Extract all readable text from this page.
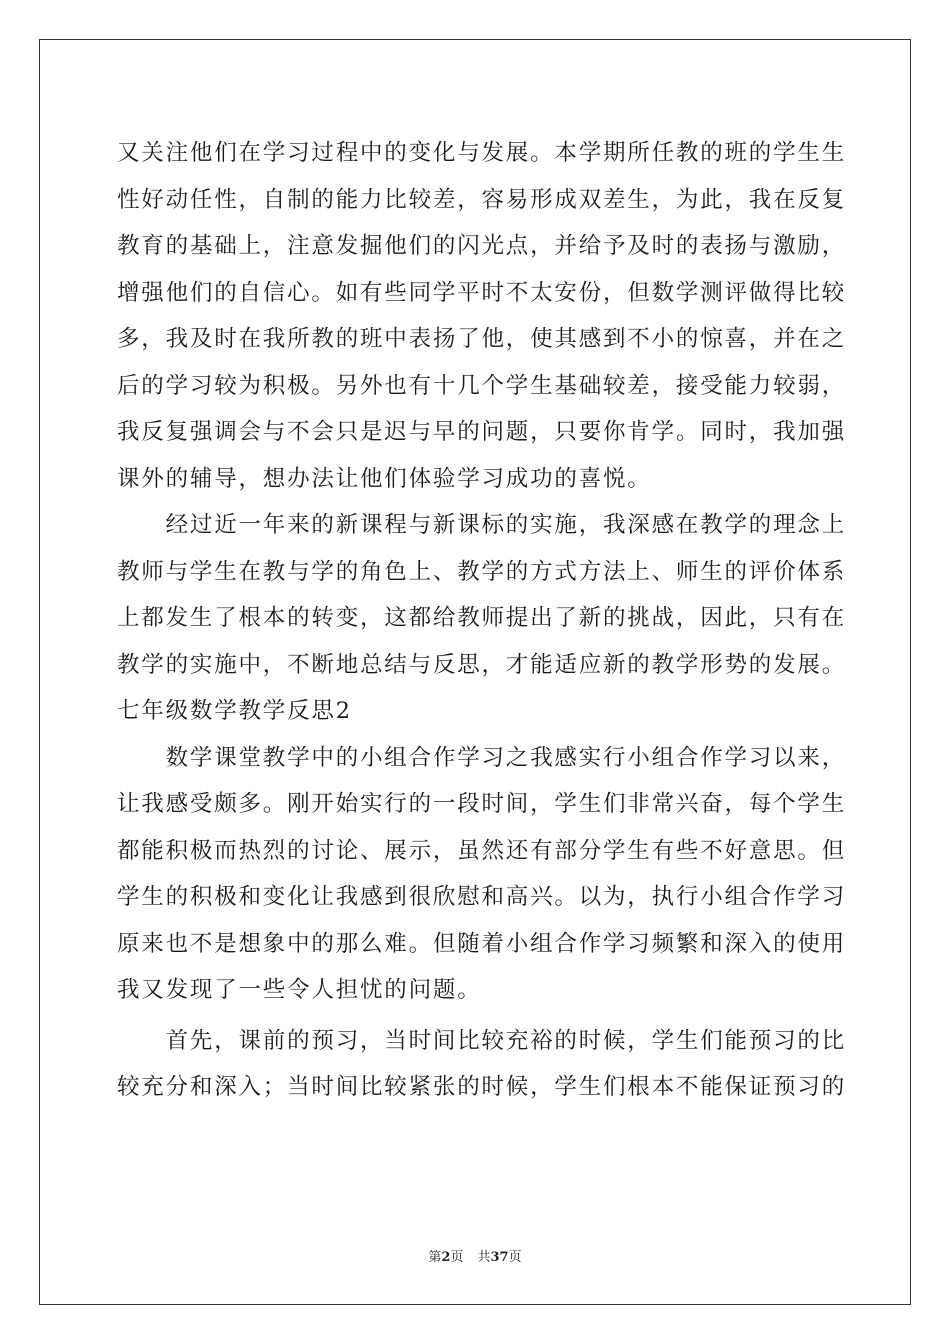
又关注他们在学习过程中的变化与发展。本学期所任教的班的学生生
性好动任性，自制的能力比较差，容易形成双差生，为此，我在反复
教育的基础上，注意发掘他们的闪光点，并给予及时的表扬与激励，
增强他们的自信心。如有些同学平时不太安份，但数学测评做得比较
多，我及时在我所教的班中表扬了他，使其感到不小的惊喜，并在之
后的学习较为积极。另外也有十几个学生基础较差，接受能力较弱，
我反复强调会与不会只是迟与早的问题，只要你肯学。同时，我加强
课外的辅导，想办法让他们体验学习成功的喜悦。
　　经过近一年来的新课程与新课标的实施，我深感在教学的理念上
教师与学生在教与学的角色上、教学的方式方法上、师生的评价体系
上都发生了根本的转变，这都给教师提出了新的挑战，因此，只有在
教学的实施中，不断地总结与反思，才能适应新的教学形势的发展。
七年级数学教学反思2
　　数学课堂教学中的小组合作学习之我感实行小组合作学习以来，
让我感受颇多。刚开始实行的一段时间，学生们非常兴奋，每个学生
都能积极而热烈的讨论、展示，虽然还有部分学生有些不好意思。但
学生的积极和变化让我感到很欣慰和高兴。以为，执行小组合作学习
原来也不是想象中的那么难。但随着小组合作学习频繁和深入的使用
我又发现了一些令人担忧的问题。
　　首先，课前的预习，当时间比较充裕的时候，学生们能预习的比
较充分和深入；当时间比较紧张的时候，学生们根本不能保证预习的
第2页 共37页
